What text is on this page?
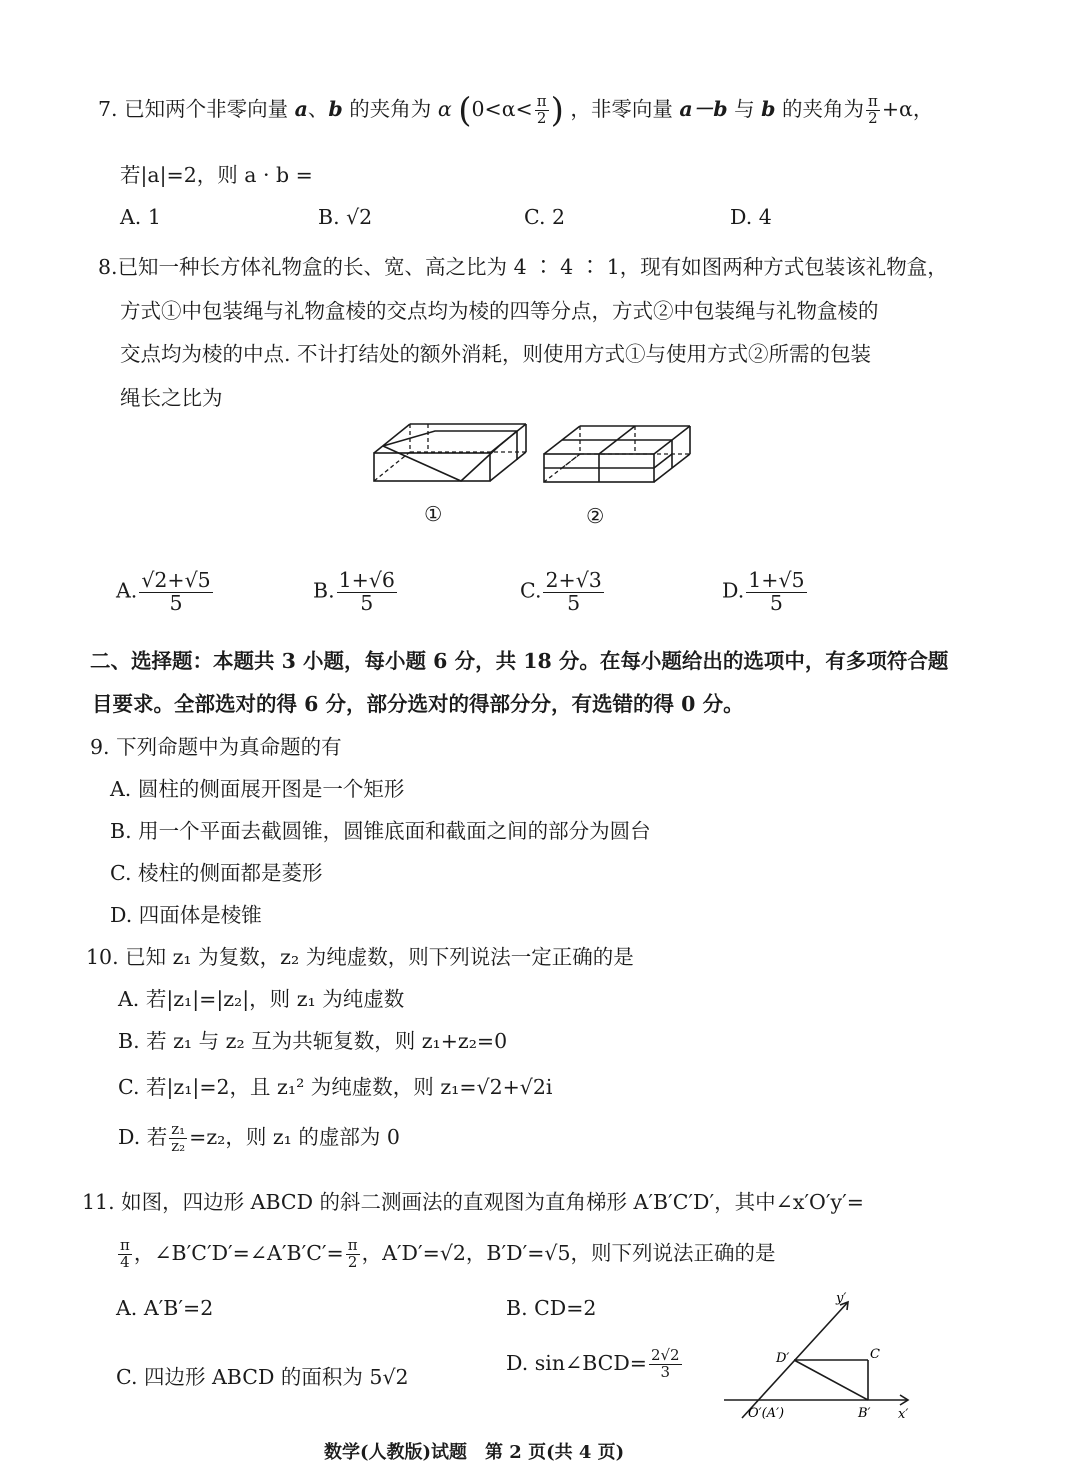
7. 已知两个非零向量 a、b 的夹角为 α ($0<\alpha< \frac{\pi}{2}$ ) ，非零向量 a－b 与 b 的夹角为 $\frac{\pi}{2} +\alpha$，
若|a|=2，则 a · b =
A. 1	B. √2	C. 2	D. 4
8.已知一种长方体礼物盒的长、宽、高之比为 4 ∶ 4 ∶ 1，现有如图两种方式包装该礼物盒，
方式①中包装绳与礼物盒棱的交点均为棱的四等分点，方式②中包装绳与礼物盒棱的
交点均为棱的中点. 不计打结处的额外消耗，则使用方式①与使用方式②所需的包装
绳长之比为
①	②
A. $\frac{√2+√5}{5}$	B. $\frac{1+√6}{5}$	C. $\frac{2+√3}{5}$	D. $\frac{1+√5}{5}$
二、选择题：本题共 3 小题，每小题 6 分，共 18 分。在每小题给出的选项中，有多项符合题
目要求。全部选对的得 6 分，部分选对的得部分分，有选错的得 0 分。
9. 下列命题中为真命题的有
A. 圆柱的侧面展开图是一个矩形
B. 用一个平面去截圆锥，圆锥底面和截面之间的部分为圆台
C. 棱柱的侧面都是菱形
D. 四面体是棱锥
10. 已知 z₁ 为复数，z₂ 为纯虚数，则下列说法一定正确的是
A. 若|z₁|=|z₂|，则 z₁ 为纯虚数
B. 若 z₁ 与 z₂ 互为共轭复数，则 z₁+z₂=0
C. 若|z₁|=2，且 z₁² 为纯虚数，则 z₁=√2+√2i
D. 若 $\frac{\text{z₁}}{\text{z₂}} =z_2$，则 z₁ 的虚部为 0
11. 如图，四边形 ABCD 的斜二测画法的直观图为直角梯形 A′B′C′D′，其中∠x′O′y′=
$\frac{\pi}{4}$ ，∠B′C′D′=∠A′B′C′= $\frac{\pi}{2}$ ，A′D′=√2，B′D′=√5，则下列说法正确的是
A. A′B′=2	B. CD=2
C. 四边形 ABCD 的面积为 5√2
D. sin∠BCD= $\frac{2√2}{3}$
y′
x′
D′	C
B′
O′(A′)
数学(人教版)试题　第 2 页(共 4 页)
